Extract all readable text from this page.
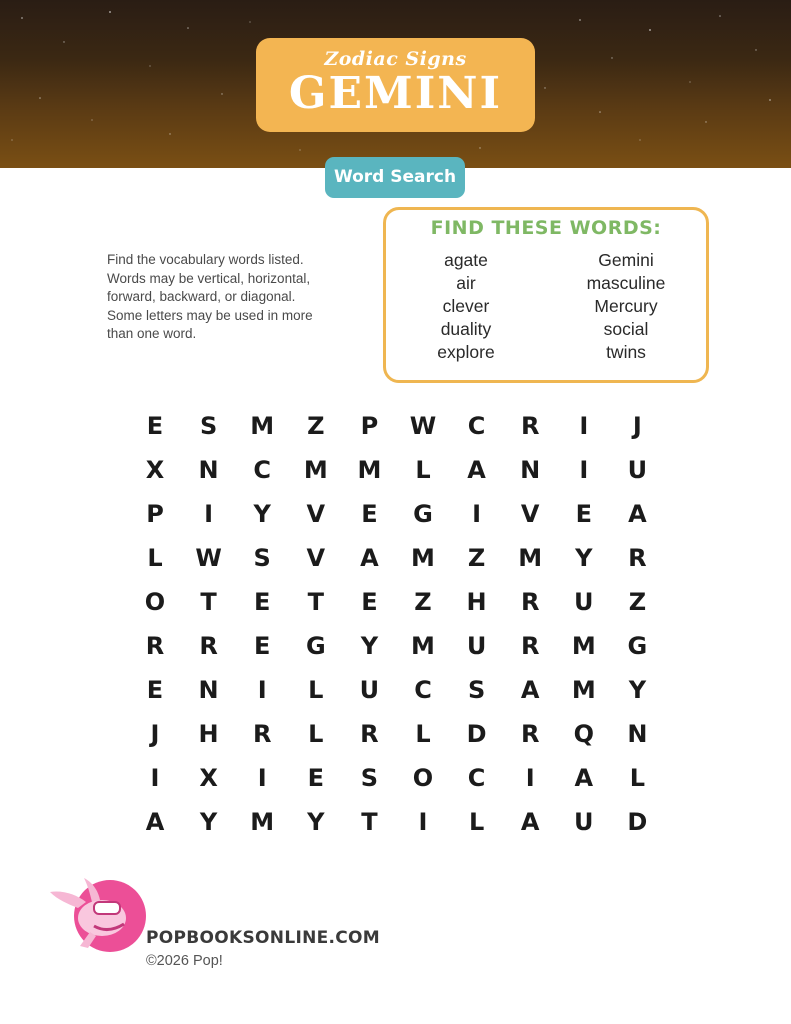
Zodiac Signs
GEMINI
Word Search

Find the vocabulary words listed. Words may be vertical, horizontal, forward, backward, or diagonal. Some letters may be used in more than one word.

FIND THESE WORDS:
agate
air
clever
duality
explore
Gemini
masculine
Mercury
social
twins
E	S	M	Z	P	W	C	R	I	J
X	N	C	M	M	L	A	N	I	U
P	I	Y	V	E	G	I	V	E	A
L	W	S	V	A	M	Z	M	Y	R
O	T	E	T	E	Z	H	R	U	Z
R	R	E	G	Y	M	U	R	M	G
E	N	I	L	U	C	S	A	M	Y
J	H	R	L	R	L	D	R	Q	N
I	X	I	E	S	O	C	I	A	L
A	Y	M	Y	T	I	L	A	U	D
POPBOOKSONLINE.COM
©2026 Pop!
